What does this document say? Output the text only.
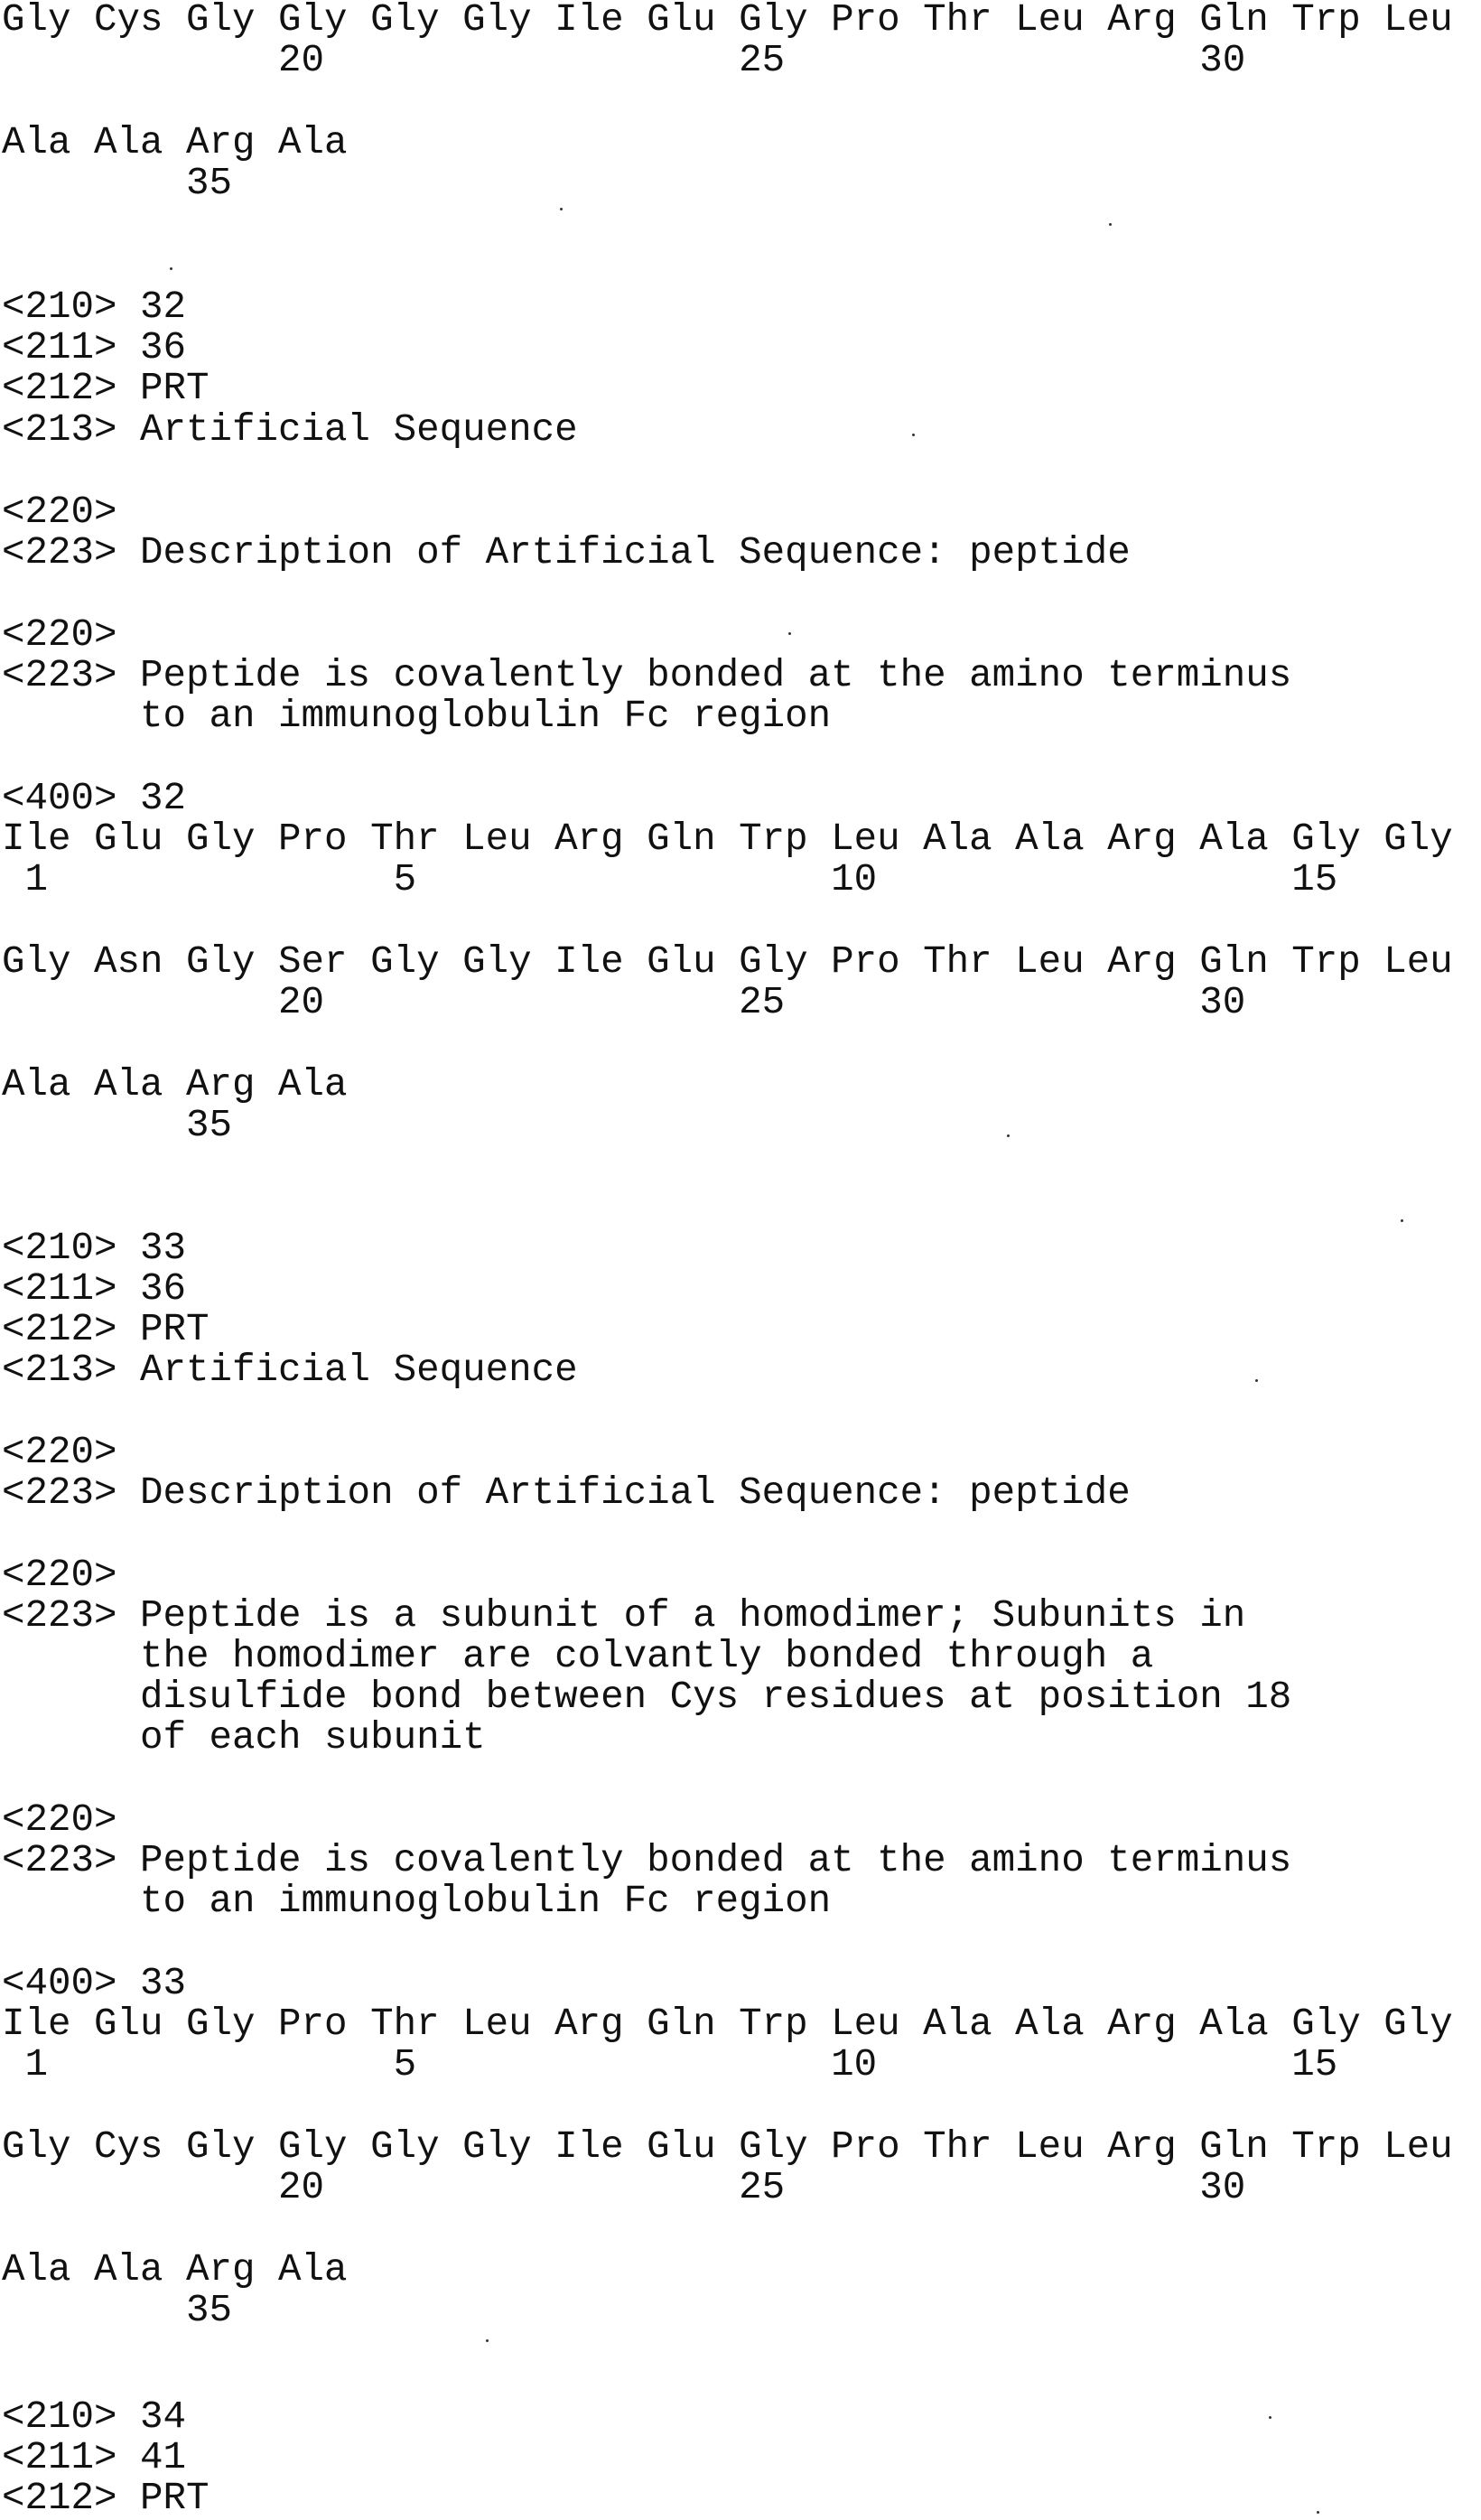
Gly Cys Gly Gly Gly Gly Ile Glu Gly Pro Thr Leu Arg Gln Trp Leu
20                  25                  30
Ala Ala Arg Ala
35
<210> 32
<211> 36
<212> PRT
<213> Artificial Sequence
<220>
<223> Description of Artificial Sequence: peptide
<220>
<223> Peptide is covalently bonded at the amino terminus
to an immunoglobulin Fc region
<400> 32
Ile Glu Gly Pro Thr Leu Arg Gln Trp Leu Ala Ala Arg Ala Gly Gly
1               5                  10                  15
Gly Asn Gly Ser Gly Gly Ile Glu Gly Pro Thr Leu Arg Gln Trp Leu
20                  25                  30
Ala Ala Arg Ala
35
<210> 33
<211> 36
<212> PRT
<213> Artificial Sequence
<220>
<223> Description of Artificial Sequence: peptide
<220>
<223> Peptide is a subunit of a homodimer; Subunits in
the homodimer are colvantly bonded through a
disulfide bond between Cys residues at position 18
of each subunit
<220>
<223> Peptide is covalently bonded at the amino terminus
to an immunoglobulin Fc region
<400> 33
Ile Glu Gly Pro Thr Leu Arg Gln Trp Leu Ala Ala Arg Ala Gly Gly
1               5                  10                  15
Gly Cys Gly Gly Gly Gly Ile Glu Gly Pro Thr Leu Arg Gln Trp Leu
20                  25                  30
Ala Ala Arg Ala
35
<210> 34
<211> 41
<212> PRT
